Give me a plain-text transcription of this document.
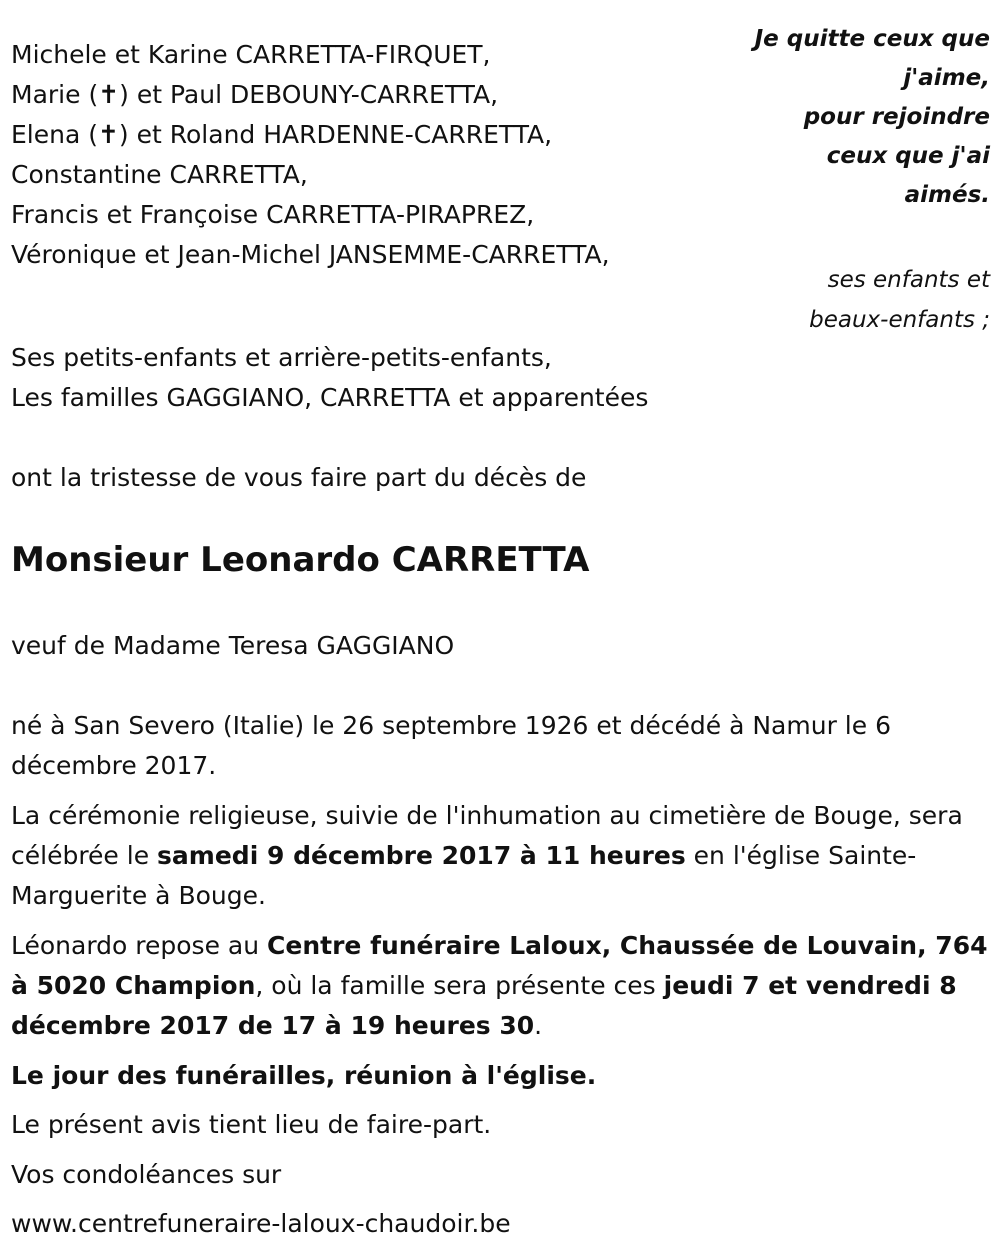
Michele et Karine CARRETTA-FIRQUET,
Marie (✝) et Paul DEBOUNY-CARRETTA,
Elena (✝) et Roland HARDENNE-CARRETTA,
Constantine CARRETTA,
Francis et Françoise CARRETTA-PIRAPREZ,
Véronique et Jean-Michel JANSEMME-CARRETTA,
Je quitte ceux que
j'aime,
pour rejoindre
ceux que j'ai
aimés.
ses enfants et
beaux-enfants ;
Ses petits-enfants et arrière-petits-enfants,
Les familles GAGGIANO, CARRETTA et apparentées
ont la tristesse de vous faire part du décès de
Monsieur Leonardo CARRETTA
veuf de Madame Teresa GAGGIANO
né à San Severo (Italie) le 26 septembre 1926 et décédé à Namur le 6 décembre 2017.
La cérémonie religieuse, suivie de l'inhumation au cimetière de Bouge, sera célébrée le samedi 9 décembre 2017 à 11 heures en l'église Sainte-Marguerite à Bouge.
Léonardo repose au Centre funéraire Laloux, Chaussée de Louvain, 764 à 5020 Champion, où la famille sera présente ces jeudi 7 et vendredi 8 décembre 2017 de 17 à 19 heures 30.
Le jour des funérailles, réunion à l'église.
Le présent avis tient lieu de faire-part.
Vos condoléances sur
www.centrefuneraire-laloux-chaudoir.be
